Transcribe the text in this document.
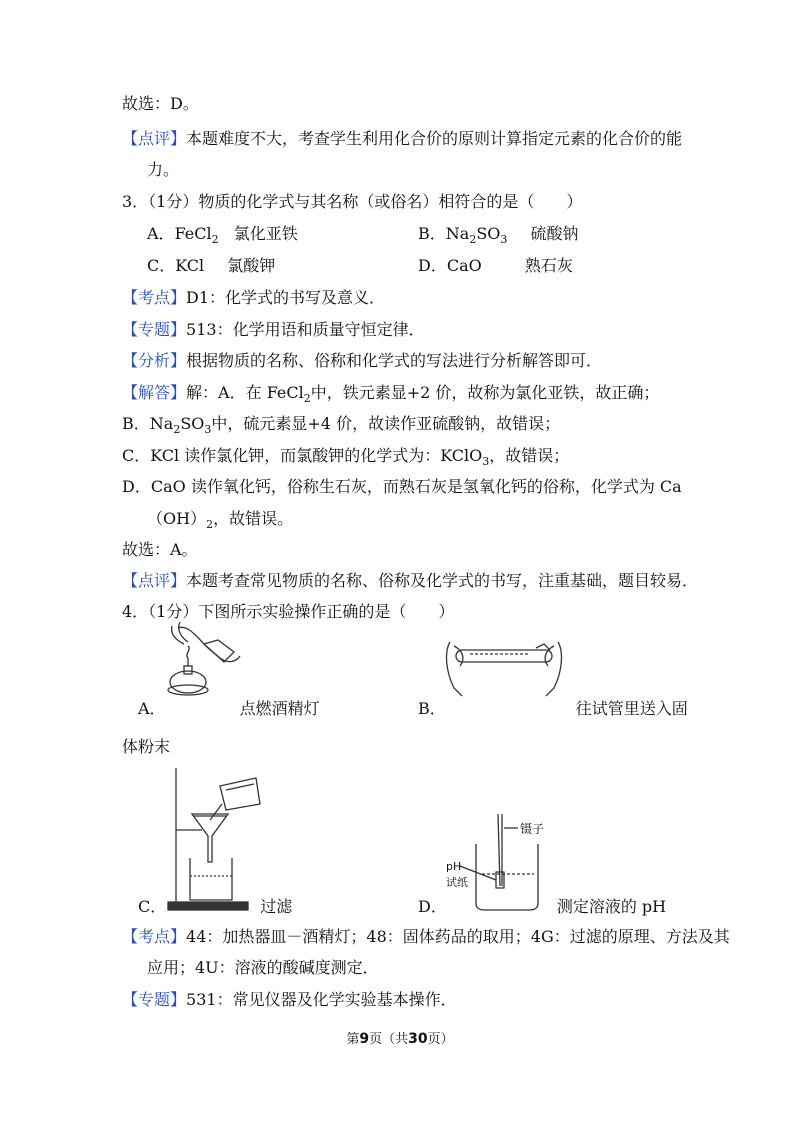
故选：D。
【点评】本题难度不大，考查学生利用化合价的原则计算指定元素的化合价的能
力。
3．（1分）物质的化学式与其名称（或俗名）相符合的是（　　）
A．FeCl$_2$ 氯化亚铁	B．$Na_2SO_3$ 硫酸钠
C．KCl 氯酸钾	D．CaO	熟石灰
【考点】D1：化学式的书写及意义．
【专题】513：化学用语和质量守恒定律．
【分析】根据物质的名称、俗称和化学式的写法进行分析解答即可．
【解答】解：A．在 FeCl$_2$中，铁元素显+2 价，故称为氯化亚铁，故正确；
B．$Na_2SO_3$中，硫元素显+4 价，故读作亚硫酸钠，故错误；
C．KCl 读作氯化钾，而氯酸钾的化学式为：KClO$_3$，故错误；
D．CaO 读作氧化钙，俗称生石灰，而熟石灰是氢氧化钙的俗称，化学式为 Ca
$(OH)_2$，故错误。
故选：A。
【点评】本题考查常见物质的名称、俗称及化学式的书写，注重基础，题目较易．
4．（1分）下图所示实验操作正确的是（　　）
A．	点燃酒精灯	B．	往试管里送入固
体粉末
C．	过滤
镊子
pH
试纸
D．	测定溶液的 pH
【考点】44：加热器皿－酒精灯；48：固体药品的取用；4G：过滤的原理、方法及其
应用；4U：溶液的酸碱度测定．
【专题】531：常见仪器及化学实验基本操作．
第9页（共30页）
